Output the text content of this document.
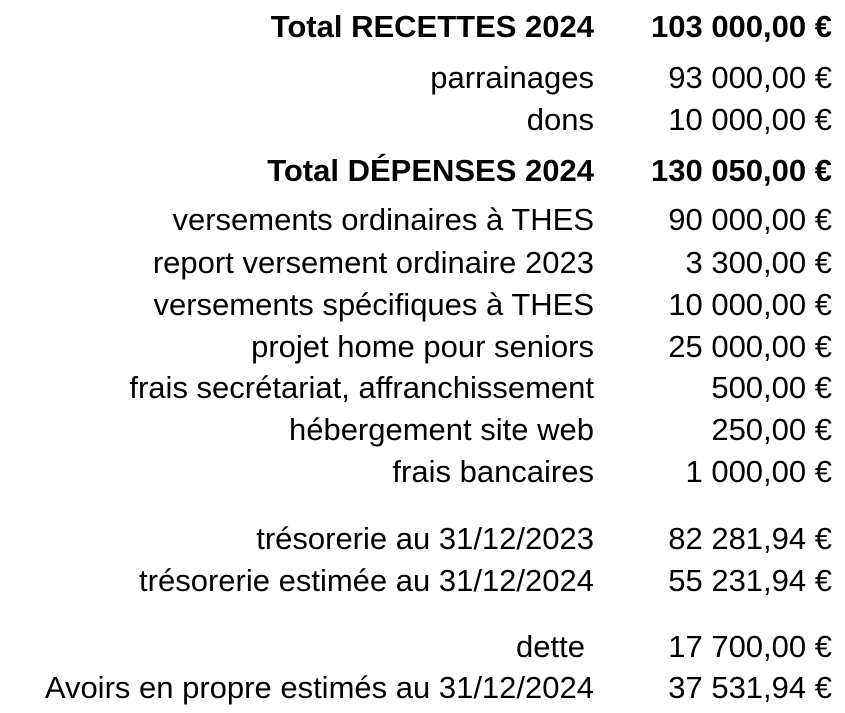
Total RECETTES 2024 103 000,00 €
parrainages 93 000,00 €
dons 10 000,00 €
Total DÉPENSES 2024 130 050,00 €
versements ordinaires à THES 90 000,00 €
report versement ordinaire 2023	3 300,00 €
versements spécifiques à THES 10 000,00 €
projet home pour seniors 25 000,00 €
frais secrétariat, affranchissement	500,00 €
hébergement site web	250,00 €
frais bancaires	1 000,00 €
trésorerie au 31/12/2023 82 281,94 €
trésorerie estimée au 31/12/2024 55 231,94 €
dette	17 700,00 €
Avoirs en propre estimés au 31/12/2024 37 531,94 €
